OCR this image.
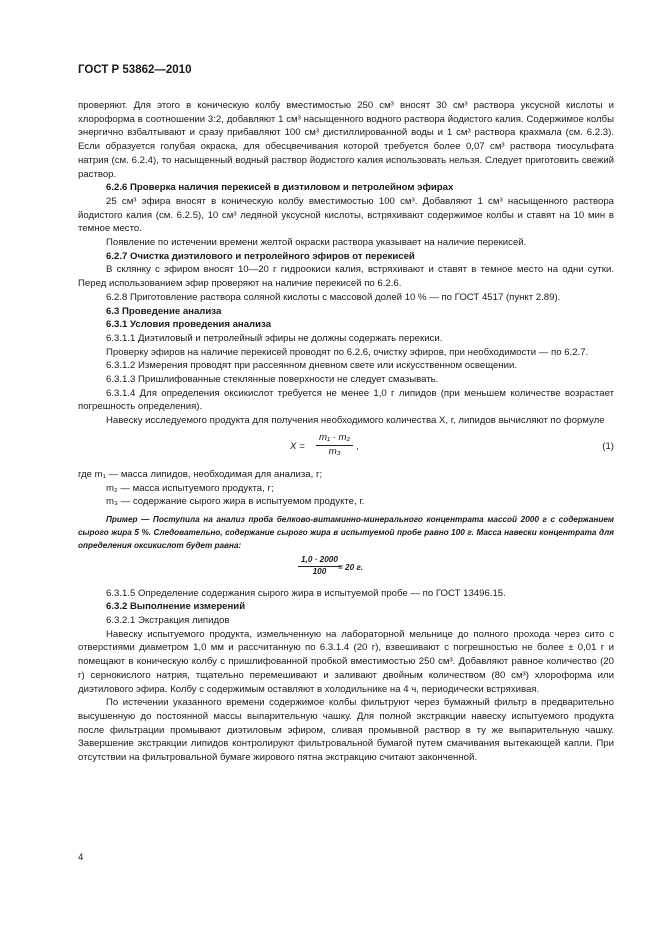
ГОСТ Р 53862—2010

проверяют. Для этого в коническую колбу вместимостью 250 см³ вносят 30 см³ раствора уксусной кислоты и хлороформа в соотношении 3:2, добавляют 1 см³ насыщенного водного раствора йодистого калия. Содержимое колбы энергично взбалтывают и сразу прибавляют 100 см³ дистиллированной воды и 1 см³ раствора крахмала (см. 6.2.3). Если образуется голубая окраска, для обесцвечивания которой требуется более 0,07 см³ раствора тиосульфата натрия (см. 6.2.4), то насыщенный водный раствор йодистого калия использовать нельзя. Следует приготовить свежий раствор.

6.2.6 Проверка наличия перекисей в диэтиловом и петролейном эфирах

25 см³ эфира вносят в коническую колбу вместимостью 100 см³. Добавляют 1 см³ насыщенного раствора йодистого калия (см. 6.2.5), 10 см³ ледяной уксусной кислоты, встряхивают содержимое колбы и ставят на 10 мин в темное место.

Появление по истечении времени желтой окраски раствора указывает на наличие перекисей.

6.2.7 Очистка диэтилового и петролейного эфиров от перекисей

В склянку с эфиром вносят 10—20 г гидроокиси калия, встряхивают и ставят в темное место на одни сутки. Перед использованием эфир проверяют на наличие перекисей по 6.2.6.

6.2.8 Приготовление раствора соляной кислоты с массовой долей 10 % — по ГОСТ 4517 (пункт 2.89).

6.3 Проведение анализа

6.3.1 Условия проведения анализа

6.3.1.1 Диэтиловый и петролейный эфиры не должны содержать перекиси.

Проверку эфиров на наличие перекисей проводят по 6.2.6, очистку эфиров, при необходимости — по 6.2.7.

6.3.1.2 Измерения проводят при рассеянном дневном свете или искусственном освещении.

6.3.1.3 Пришлифованные стеклянные поверхности не следует смазывать.

6.3.1.4 Для определения оксикислот требуется не менее 1,0 г липидов (при меньшем количестве возрастает погрешность определения).

Навеску исследуемого продукта для получения необходимого количества X, г, липидов вычисляют по формуле

$X = \frac{\text{m₁ · m₂}}{\text{m₃}}$ ,	(1)

где m₁ — масса липидов, необходимая для анализа, г;

m₂ — масса испытуемого продукта, г;

m₃ — содержание сырого жира в испытуемом продукте, г.

Пример — Поступила на анализ проба белково-витаминно-минерального концентрата массой 2000 г с содержанием сырого жира 5 %. Следовательно, содержание сырого жира в испытуемой пробе равно 100 г. Масса навески концентрата для определения оксикислот будет равна:

$\frac{1,0 \cdot 2000}{100}$
= 20 г.

6.3.1.5 Определение содержания сырого жира в испытуемой пробе — по ГОСТ 13496.15.

6.3.2 Выполнение измерений

6.3.2.1 Экстракция липидов

Навеску испытуемого продукта, измельченную на лабораторной мельнице до полного прохода через сито с отверстиями диаметром 1,0 мм и рассчитанную по 6.3.1.4 (20 г), взвешивают с погрешностью не более ± 0,01 г и помещают в коническую колбу с пришлифованной пробкой вместимостью 250 см³. Добавляют равное количество (20 г) сернокислого натрия, тщательно перемешивают и заливают двойным количеством (80 см³) хлороформа или диэтилового эфира. Колбу с содержимым оставляют в холодильнике на 4 ч, периодически встряхивая.

По истечении указанного времени содержимое колбы фильтруют через бумажный фильтр в предварительно высушенную до постоянной массы выпарительную чашку. Для полной экстракции навеску испытуемого продукта после фильтрации промывают диэтиловым эфиром, сливая промывной раствор в ту же выпарительную чашку. Завершение экстракции липидов контролируют фильтровальной бумагой путем смачивания вытекающей капли. При отсутствии на фильтровальной бумаге жирового пятна экстракцию считают законченной.

4
